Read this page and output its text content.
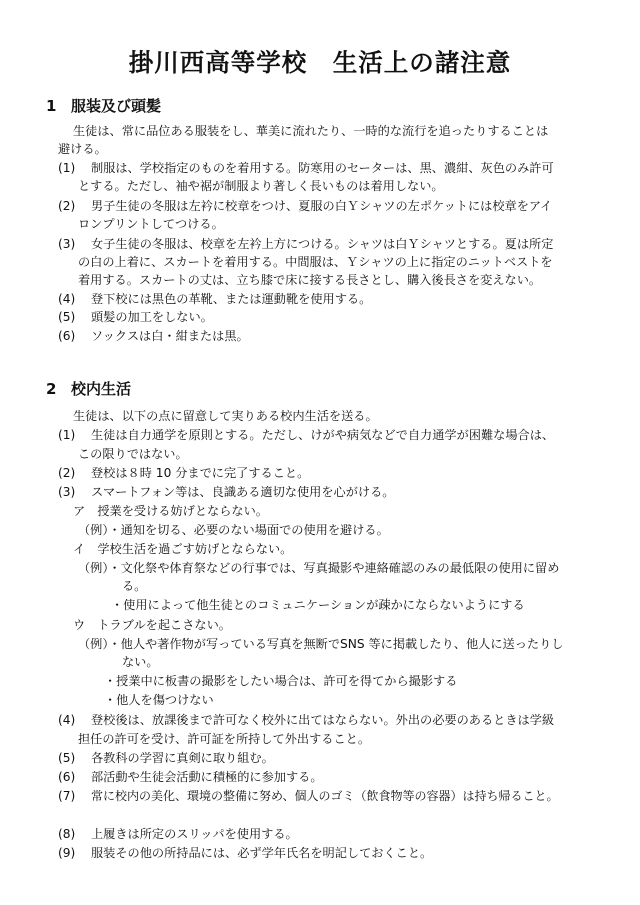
掛川西高等学校　生活上の諸注意
1 服装及び頭髪
生徒は、常に品位ある服装をし、華美に流れたり、一時的な流行を追ったりすることは
避ける。
(1) 制服は、学校指定のものを着用する。防寒用のセーターは、黒、濃紺、灰色のみ許可
とする。ただし、袖や裾が制服より著しく長いものは着用しない。
(2) 男子生徒の冬服は左衿に校章をつけ、夏服の白Ｙシャツの左ポケットには校章をアイ
ロンプリントしてつける。
(3) 女子生徒の冬服は、校章を左衿上方につける。シャツは白Ｙシャツとする。夏は所定
の白の上着に、スカートを着用する。中間服は、Ｙシャツの上に指定のニットベストを
着用する。スカートの丈は、立ち膝で床に接する長さとし、購入後長さを変えない。
(4) 登下校には黒色の革靴、または運動靴を使用する。
(5) 頭髪の加工をしない。
(6) ソックスは白・紺または黒。
2 校内生活
生徒は、以下の点に留意して実りある校内生活を送る。
(1) 生徒は自力通学を原則とする。ただし、けがや病気などで自力通学が困難な場合は、
この限りではない。
(2) 登校は８時 10 分までに完了すること。
(3) スマートフォン等は、良識ある適切な使用を心がける。
ア　授業を受ける妨げとならない。
（例）・通知を切る、必要のない場面での使用を避ける。
イ　学校生活を過ごす妨げとならない。
（例）・文化祭や体育祭などの行事では、写真撮影や連絡確認のみの最低限の使用に留め
る。
・使用によって他生徒とのコミュニケーションが疎かにならないようにする
ウ　トラブルを起こさない。
（例）・他人や著作物が写っている写真を無断でSNS 等に掲載したり、他人に送ったりし
ない。
・授業中に板書の撮影をしたい場合は、許可を得てから撮影する
・他人を傷つけない
(4) 登校後は、放課後まで許可なく校外に出てはならない。外出の必要のあるときは学級
担任の許可を受け、許可証を所持して外出すること。
(5) 各教科の学習に真剣に取り組む。
(6) 部活動や生徒会活動に積極的に参加する。
(7) 常に校内の美化、環境の整備に努め、個人のゴミ（飲食物等の容器）は持ち帰ること。
(8) 上履きは所定のスリッパを使用する。
(9) 服装その他の所持品には、必ず学年氏名を明記しておくこと。
